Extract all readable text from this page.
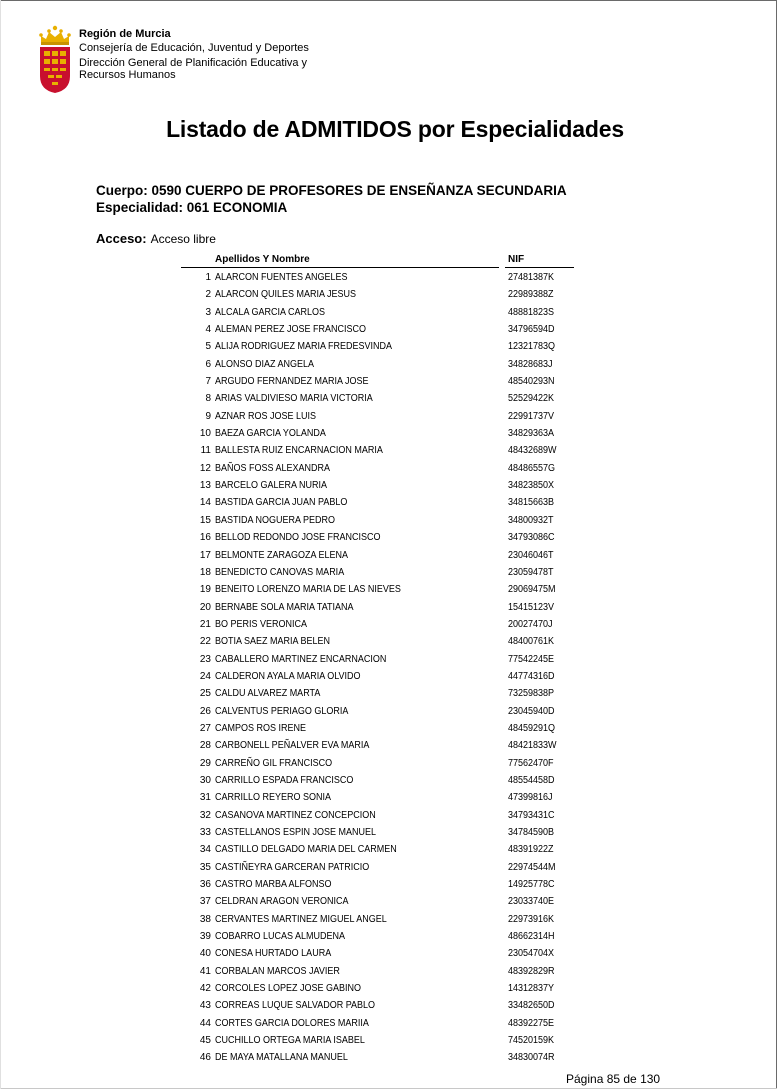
Región de Murcia
Consejería de Educación, Juventud y Deportes
Dirección General de Planificación Educativa y
Recursos Humanos
Listado de ADMITIDOS por Especialidades
Cuerpo: 0590 CUERPO DE PROFESORES DE ENSEÑANZA SECUNDARIA
Especialidad: 061 ECONOMIA
Acceso: Acceso libre
Apellidos Y Nombre	NIF
1 ALARCON FUENTES ANGELES	27481387K
2 ALARCON QUILES MARIA JESUS	22989388Z
3 ALCALA GARCIA CARLOS	48881823S
4 ALEMAN PEREZ JOSE FRANCISCO	34796594D
5 ALIJA RODRIGUEZ MARIA FREDESVINDA	12321783Q
6 ALONSO DIAZ ANGELA	34828683J
7 ARGUDO FERNANDEZ MARIA JOSE	48540293N
8 ARIAS VALDIVIESO MARIA VICTORIA	52529422K
9 AZNAR ROS JOSE LUIS	22991737V
10 BAEZA GARCIA YOLANDA	34829363A
11 BALLESTA RUIZ ENCARNACION MARIA	48432689W
12 BAÑOS FOSS ALEXANDRA	48486557G
13 BARCELO GALERA NURIA	34823850X
14 BASTIDA GARCIA JUAN PABLO	34815663B
15 BASTIDA NOGUERA PEDRO	34800932T
16 BELLOD REDONDO JOSE FRANCISCO	34793086C
17 BELMONTE ZARAGOZA ELENA	23046046T
18 BENEDICTO CANOVAS MARIA	23059478T
19 BENEITO LORENZO MARIA DE LAS NIEVES	29069475M
20 BERNABE SOLA MARIA TATIANA	15415123V
21 BO PERIS VERONICA	20027470J
22 BOTIA SAEZ MARIA BELEN	48400761K
23 CABALLERO MARTINEZ ENCARNACION	77542245E
24 CALDERON AYALA MARIA OLVIDO	44774316D
25 CALDU ALVAREZ MARTA	73259838P
26 CALVENTUS PERIAGO GLORIA	23045940D
27 CAMPOS ROS IRENE	48459291Q
28 CARBONELL PEÑALVER EVA MARIA	48421833W
29 CARREÑO GIL FRANCISCO	77562470F
30 CARRILLO ESPADA FRANCISCO	48554458D
31 CARRILLO REYERO SONIA	47399816J
32 CASANOVA MARTINEZ CONCEPCION	34793431C
33 CASTELLANOS ESPIN JOSE MANUEL	34784590B
34 CASTILLO DELGADO MARIA DEL CARMEN	48391922Z
35 CASTIÑEYRA GARCERAN PATRICIO	22974544M
36 CASTRO MARBA ALFONSO	14925778C
37 CELDRAN ARAGON VERONICA	23033740E
38 CERVANTES MARTINEZ MIGUEL ANGEL	22973916K
39 COBARRO LUCAS ALMUDENA	48662314H
40 CONESA HURTADO LAURA	23054704X
41 CORBALAN MARCOS JAVIER	48392829R
42 CORCOLES LOPEZ JOSE GABINO	14312837Y
43 CORREAS LUQUE SALVADOR PABLO	33482650D
44 CORTES GARCIA DOLORES MARIIA	48392275E
45 CUCHILLO ORTEGA MARIA ISABEL	74520159K
46 DE MAYA MATALLANA MANUEL	34830074R
Página 85 de 130
